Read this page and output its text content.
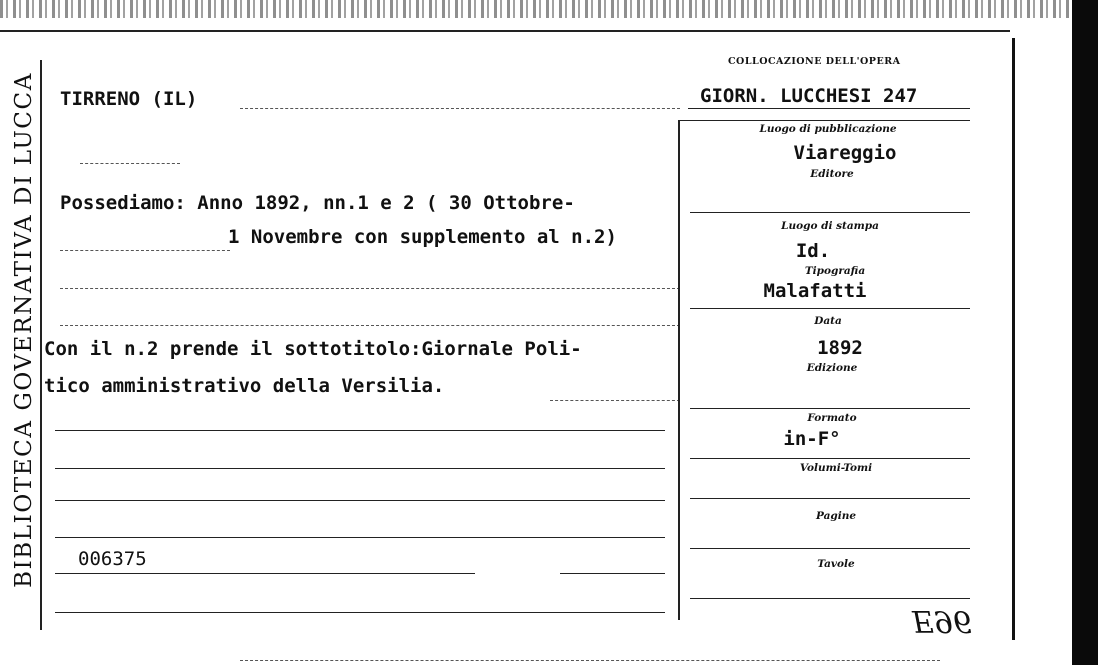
BIBLIOTECA GOVERNATIVA DI LUCCA
COLLOCAZIONE DELL'OPERA
GIORN. LUCCHESI 247
TIRRENO (IL)
Possediamo: Anno 1892, nn.1 e 2 ( 30 Ottobre-
1 Novembre con supplemento al n.2)
Con il n.2 prende il sottotitolo:Giornale Poli-
tico amministrativo della Versilia.
006375
Luogo di pubblicazione
Viareggio
Editore
Luogo di stampa
Id.
Tipografia
Malafatti
Data
1892
Edizione
Formato
in-F°
Volumi-Tomi
Pagine
Tavole
E96
